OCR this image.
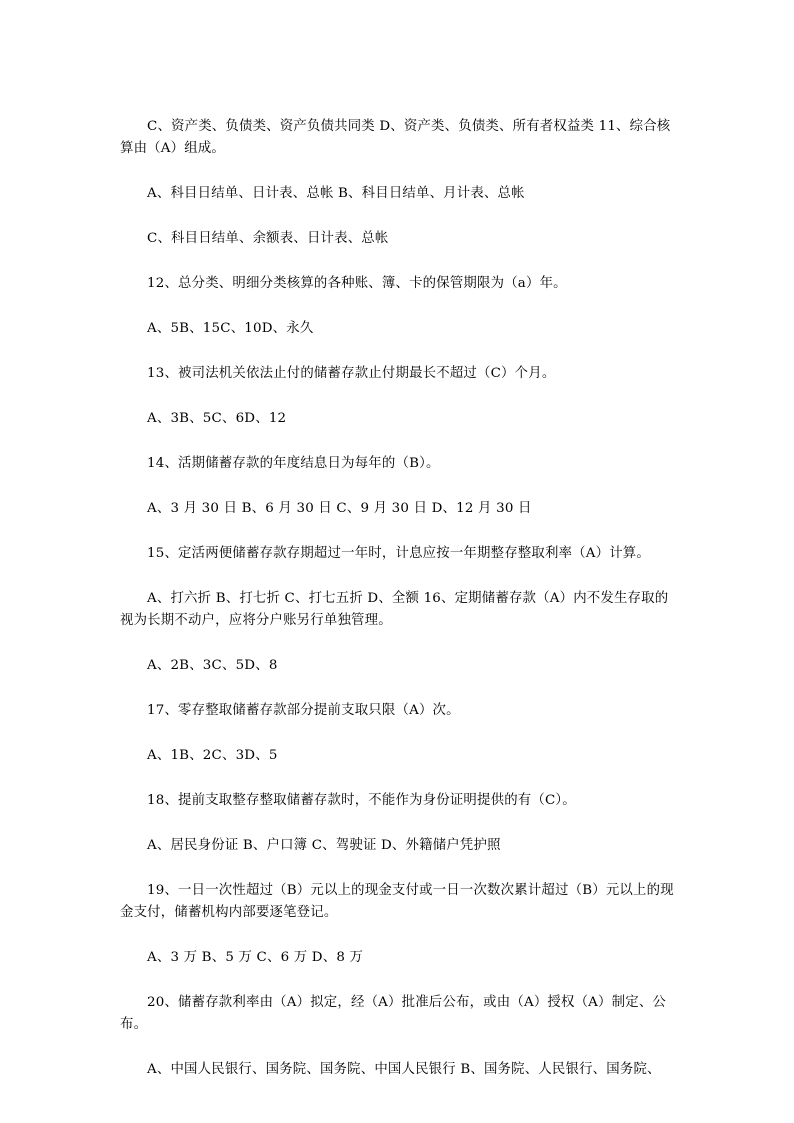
C、资产类、负债类、资产负债共同类 D、资产类、负债类、所有者权益类 11、综合核算由（A）组成。

A、科目日结单、日计表、总帐 B、科目日结单、月计表、总帐

C、科目日结单、余额表、日计表、总帐

12、总分类、明细分类核算的各种账、簿、卡的保管期限为（a）年。

A、5B、15C、10D、永久

13、被司法机关依法止付的储蓄存款止付期最长不超过（C）个月。

A、3B、5C、6D、12

14、活期储蓄存款的年度结息日为每年的（B）。

A、3 月 30 日 B、6 月 30 日 C、9 月 30 日 D、12 月 30 日

15、定活两便储蓄存款存期超过一年时，计息应按一年期整存整取利率（A）计算。

A、打六折 B、打七折 C、打七五折 D、全额 16、定期储蓄存款（A）内不发生存取的视为长期不动户，应将分户账另行单独管理。

A、2B、3C、5D、8

17、零存整取储蓄存款部分提前支取只限（A）次。

A、1B、2C、3D、5

18、提前支取整存整取储蓄存款时，不能作为身份证明提供的有（C）。

A、居民身份证 B、户口簿 C、驾驶证 D、外籍储户凭护照

19、一日一次性超过（B）元以上的现金支付或一日一次数次累计超过（B）元以上的现金支付，储蓄机构内部要逐笔登记。

A、3 万 B、5 万 C、6 万 D、8 万

20、储蓄存款利率由（A）拟定，经（A）批准后公布，或由（A）授权（A）制定、公布。

A、中国人民银行、国务院、国务院、中国人民银行 B、国务院、人民银行、国务院、
